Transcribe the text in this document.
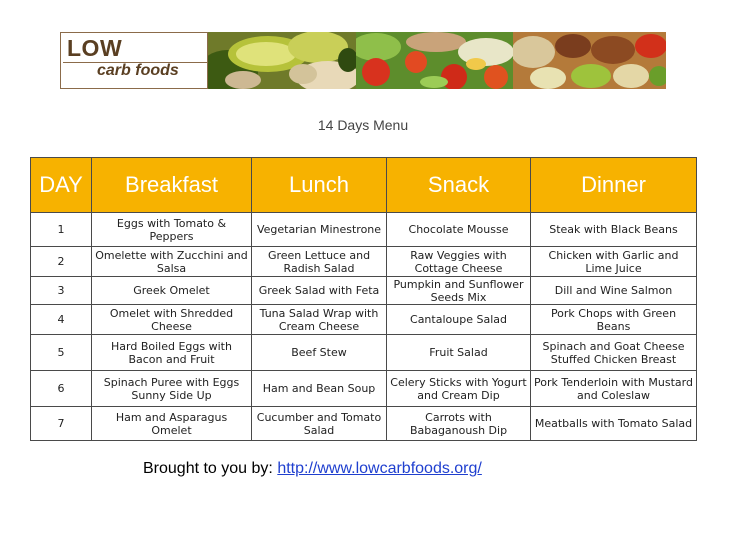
LOW
carb foods
14 Days Menu
DAY	Breakfast	Lunch	Snack	Dinner
1	Eggs with Tomato & Peppers	Vegetarian Minestrone	Chocolate Mousse	Steak with Black Beans
2	Omelette with Zucchini and Salsa	Green Lettuce and Radish Salad	Raw Veggies with Cottage Cheese	Chicken with Garlic and Lime Juice
3	Greek Omelet	Greek Salad with Feta	Pumpkin and Sunflower Seeds Mix	Dill and Wine Salmon
4	Omelet with Shredded Cheese	Tuna Salad Wrap with Cream Cheese	Cantaloupe Salad	Pork Chops with Green Beans
5	Hard Boiled Eggs with Bacon and Fruit	Beef Stew	Fruit Salad	Spinach and Goat Cheese Stuffed Chicken Breast
6	Spinach Puree with Eggs Sunny Side Up	Ham and Bean Soup	Celery Sticks with Yogurt and Cream Dip	Pork Tenderloin with Mustard and Coleslaw
7	Ham and Asparagus Omelet	Cucumber and Tomato Salad	Carrots with Babaganoush Dip	Meatballs with Tomato Salad
Brought to you by: http://www.lowcarbfoods.org/
